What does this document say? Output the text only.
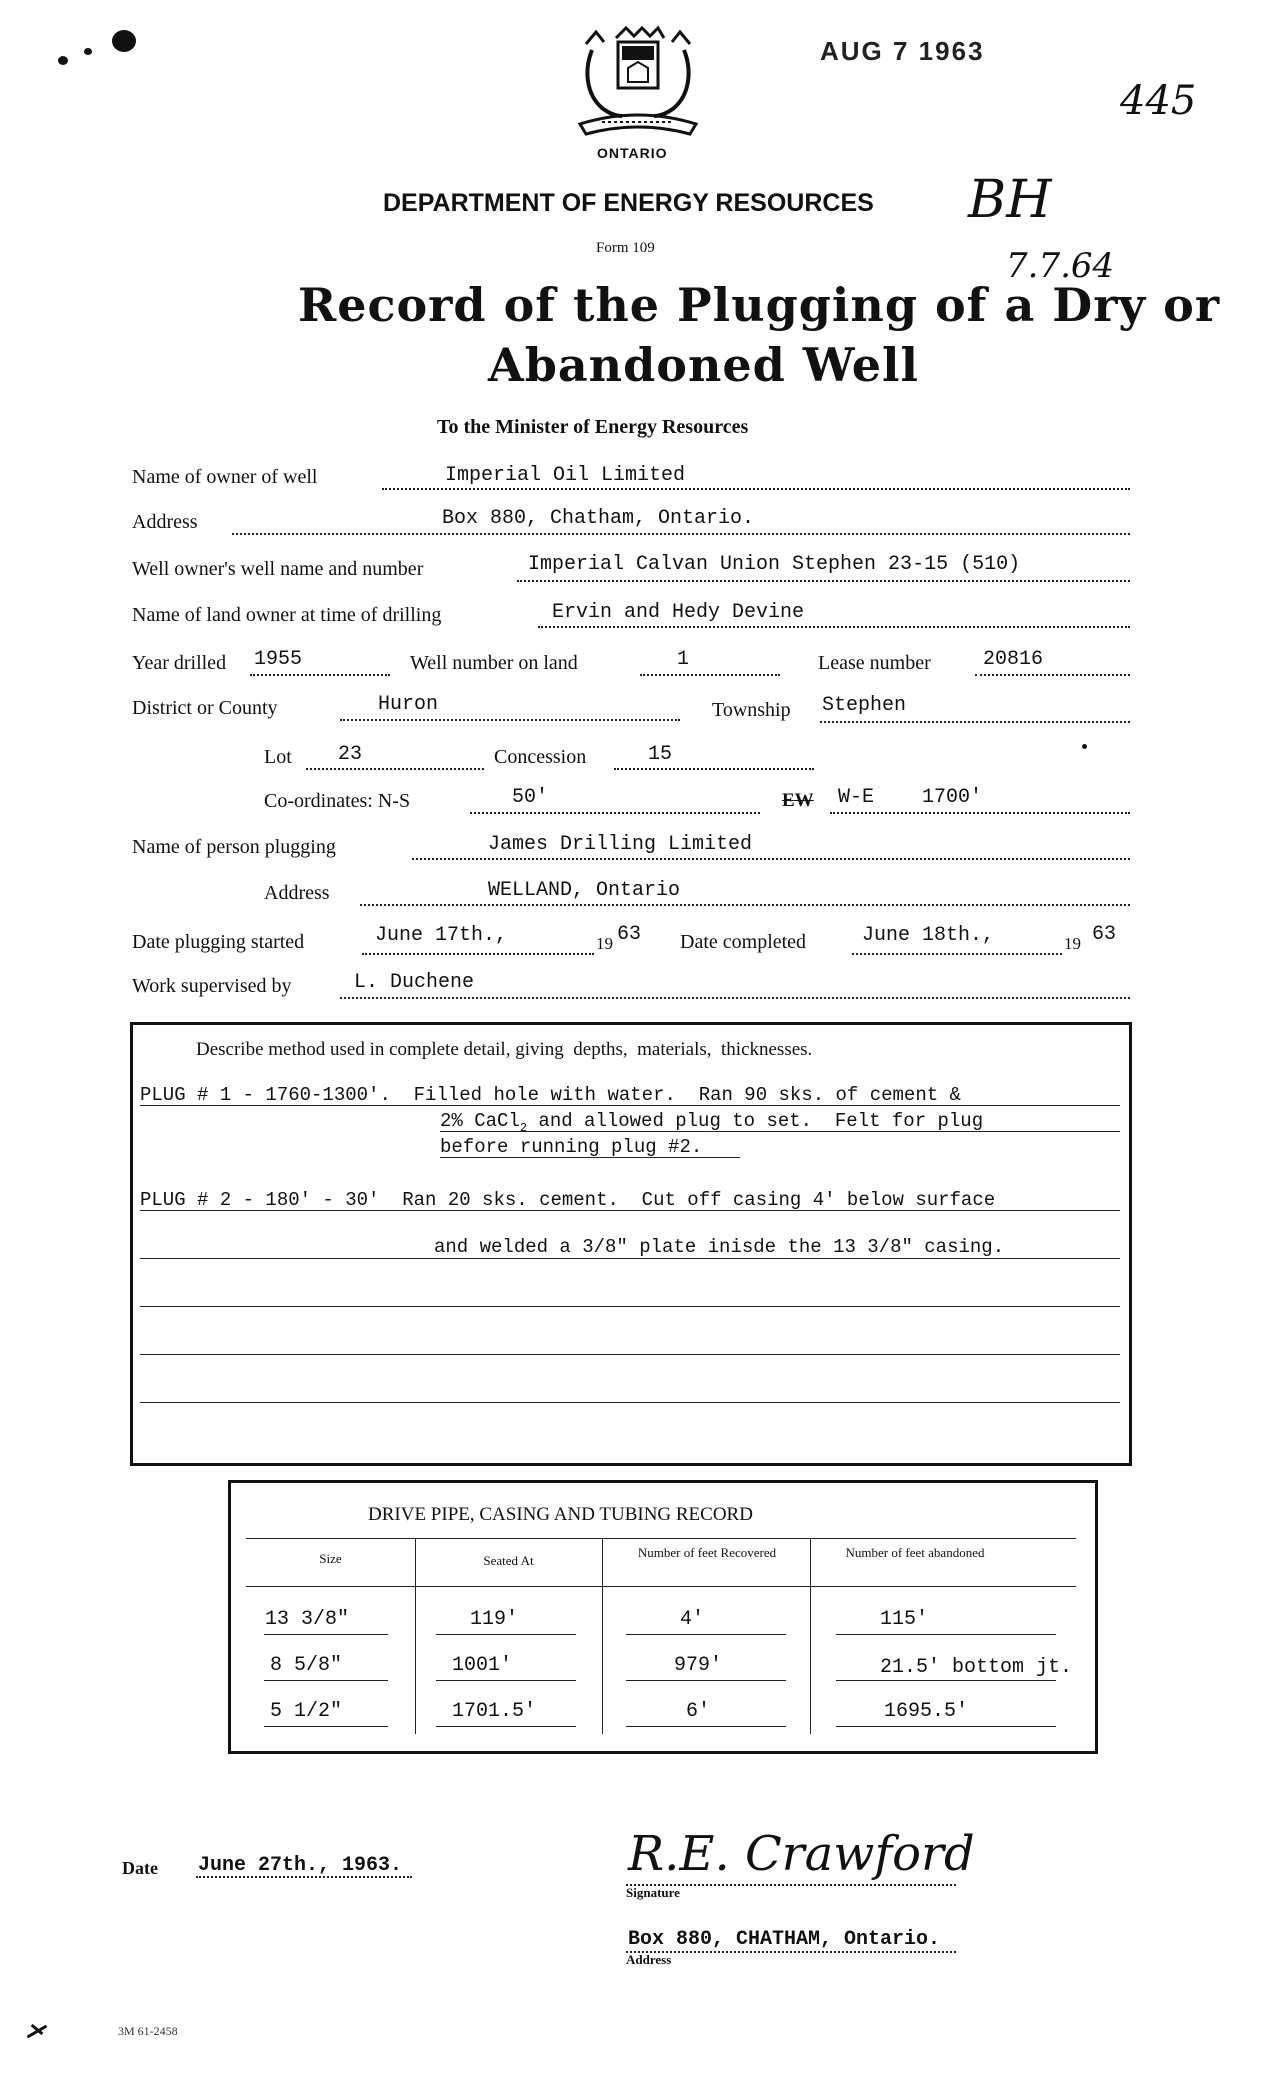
ONTARIO
DEPARTMENT OF ENERGY RESOURCES
Form 109
Record of the Plugging of a Dry or
Abandoned Well
To the Minister of Energy Resources
AUG 7 1963
445
BH
7.7.64
Name of owner of well	Imperial Oil Limited
Address	Box 880, Chatham, Ontario.
Well owner's well name and number	Imperial Calvan Union Stephen 23-15 (510)
Name of land owner at time of drilling	Ervin and Hedy Devine
Year drilled 1955	Well number on land	1	Lease number	20816
District or County	Huron	Township Stephen
Lot 23	Concession	15
Co-ordinates: N-S	50'	EW W-E    1700'
Name of person plugging	James Drilling Limited
Address	WELLAND, Ontario
Date plugging started	June 17th.,	19 63 Date completed	June 18th.,	19 63
Work supervised by	L. Duchene
Describe method used in complete detail, giving  depths,  materials,  thicknesses.
PLUG # 1 - 1760-1300'.  Filled hole with water.  Ran 90 sks. of cement &
2% CaCl$_2$ and allowed plug to set.  Felt for plug
before running plug #2.
PLUG # 2 - 180' - 30'  Ran 20 sks. cement.  Cut off casing 4' below surface
and welded a 3/8" plate inisde the 13 3/8" casing.
DRIVE PIPE, CASING AND TUBING RECORD
Size	Seated At
Number of feet Recovered	Number of feet abandoned
13 3/8"	119'	4'	115'
8 5/8"	1001'	979'	21.5' bottom jt.
5 1/2"	1701.5'	6'	1695.5'
Date June 27th., 1963.	R.E. Crawford
Signature
Box 880, CHATHAM, Ontario.
Address
3M 61-2458
